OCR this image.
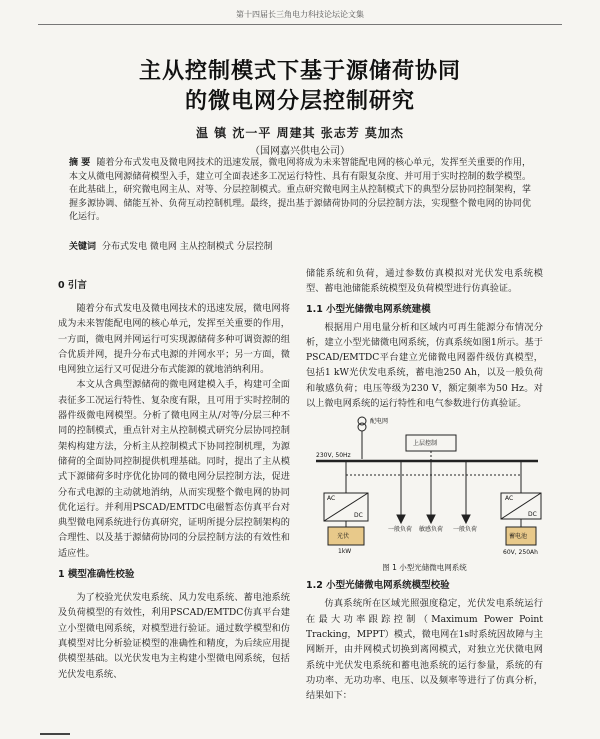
第十四届长三角电力科技论坛论文集
主从控制模式下基于源储荷协同
的微电网分层控制研究
温 镇 沈一平 周建其 张志芳 莫加杰
（国网嘉兴供电公司）
摘 要 随着分布式发电及微电网技术的迅速发展，微电网将成为未来智能配电网的核心单元，发挥至关重要的作用，本文从微电网源储荷模型入手，建立可全面表述多工况运行特性、具有有限复杂度、并可用于实时控制的数学模型。在此基础上，研究微电网主从、对等、分层控制模式。重点研究微电网主从控制模式下的典型分层协同控制架构，掌握多源协调、储能互补、负荷互动控制机理。最终，提出基于源储荷协同的分层控制方法，实现整个微电网的协同优化运行。
关键词 分布式发电 微电网 主从控制模式 分层控制
0 引言

随着分布式发电及微电网技术的迅速发展，微电网将成为未来智能配电网的核心单元，发挥至关重要的作用，一方面，微电网并网运行可实现源储荷多种可调资源的组合优质并网，提升分布式电源的并网水平；另一方面，微电网独立运行又可促进分布式能源的就地消纳利用。

本文从含典型源储荷的微电网建模入手，构建可全面表征多工况运行特性、复杂度有限，且可用于实时控制的器件级微电网模型。分析了微电网主从/对等/分层三种不同的控制模式，重点针对主从控制模式研究分层协同控制架构构建方法，分析主从控制模式下协同控制机理，为源储荷的全面协同控制提供机理基础。同时，提出了主从模式下源储荷多时序优化协同的微电网分层控制方法，促进分布式电源的主动就地消纳，从而实现整个微电网的协同优化运行。并利用PSCAD/EMTDC电磁暂态仿真平台对典型微电网系统进行仿真研究，证明所提分层控制架构的合理性、以及基于源储荷协同的分层控制方法的有效性和适应性。

1 模型准确性校验

为了校验光伏发电系统、风力发电系统、蓄电池系统及负荷模型的有效性，利用PSCAD/EMTDC仿真平台建立小型微电网系统，对模型进行验证。通过数学模型和仿真模型对比分析验证模型的准确性和精度，为后续应用提供模型基础。以光伏发电为主构建小型微电网系统，包括光伏发电系统、

储能系统和负荷，通过参数仿真模拟对光伏发电系统模型、蓄电池储能系统模型及负荷模型进行仿真验证。

1.1 小型光储微电网系统建模

根据用户用电量分析和区域内可再生能源分布情况分析，建立小型光储微电网系统，仿真系统如图1所示。基于PSCAD/EMTDC平台建立光储微电网器件级仿真模型，包括1 kW光伏发电系统，蓄电池250 Ah，以及一般负荷和敏感负荷；电压等级为230 V，额定频率为50 Hz。对以上微电网系统的运行特性和电气参数进行仿真验证。

配电网
上层控制
230V, 50Hz
AC
DC
光伏
1kW
一般负荷 敏感负荷 一般负荷
AC
DC
蓄电池
60V, 250Ah
图 1 小型光储微电网系统
1.2 小型光储微电网系统模型校验

仿真系统所在区域光照强度稳定，光伏发电系统运行在最大功率跟踪控制（Maximum Power Point Tracking，MPPT）模式，微电网在1s时系统因故障与主网断开，由并网模式切换到离网模式，对独立光伏微电网系统中光伏发电系统和蓄电池系统的运行参量，系统的有功功率、无功功率、电压、以及频率等进行了仿真分析，结果如下：
